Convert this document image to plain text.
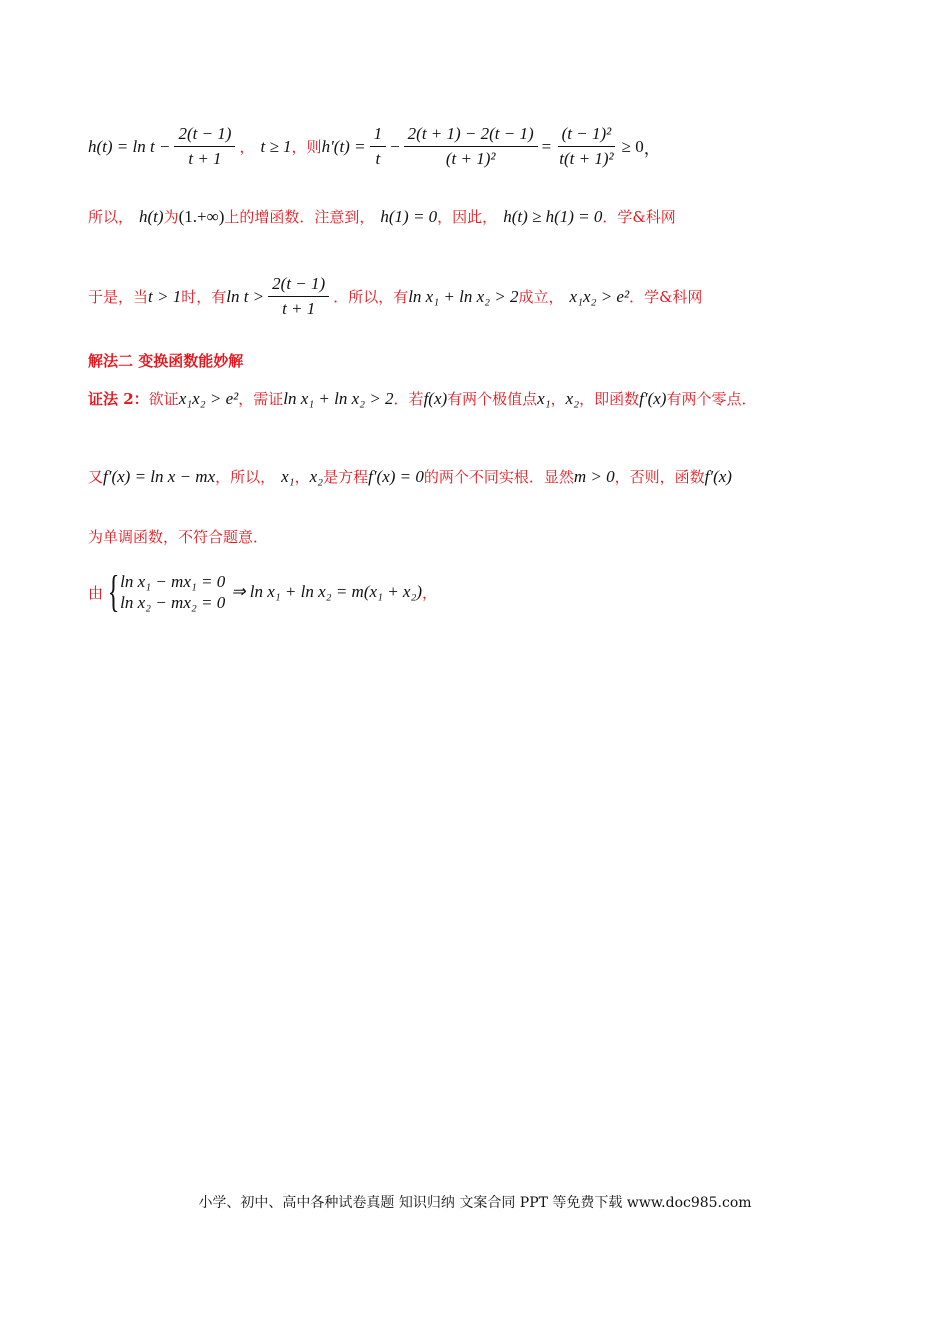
$h(t) = \ln t - \frac{2(t - 1)}{t + 1}$ ， t ≥ 1 ，则 $h'(t) = \frac{1}{t} - \frac{2(t + 1) - 2(t - 1)}{\text{(t + 1)²}} = \frac{\text{(t − 1)²}}{\text{t(t + 1)²}} \ge 0$ ，
所以， h(t) 为 (1.+∞) 上的增函数．注意到， h(1) = 0 ，因此， h(t) ≥ h(1) = 0 ．学&科网
于是，当 t > 1 时，有 $\ln t > \frac{2(t - 1)}{t + 1}$ ．所以，有 ln x₁ + ln x₂ > 2 成立， x₁x₂ > e² ．学&科网
解法二 变换函数能妙解
证法 2： 欲证 x₁x₂ > e² ，需证 ln x₁ + ln x₂ > 2 ．若 f(x) 有两个极值点 x₁ ， x₂ ，即函数 f′(x) 有两个零点．
又 f′(x) = ln x − mx ，所以， x₁ ， x₂ 是方程 f′(x) = 0 的两个不同实根．显然 m > 0 ，否则，函数 f′(x)
为单调函数，不符合题意．
由 { ln x₁ − mx₁ = 0
ln x₂ − mx₂ = 0
⇒ ln x₁ + ln x₂ = m(x₁ + x₂) ，
小学、初中、高中各种试卷真题 知识归纳 文案合同 PPT 等免费下载 www.doc985.com
